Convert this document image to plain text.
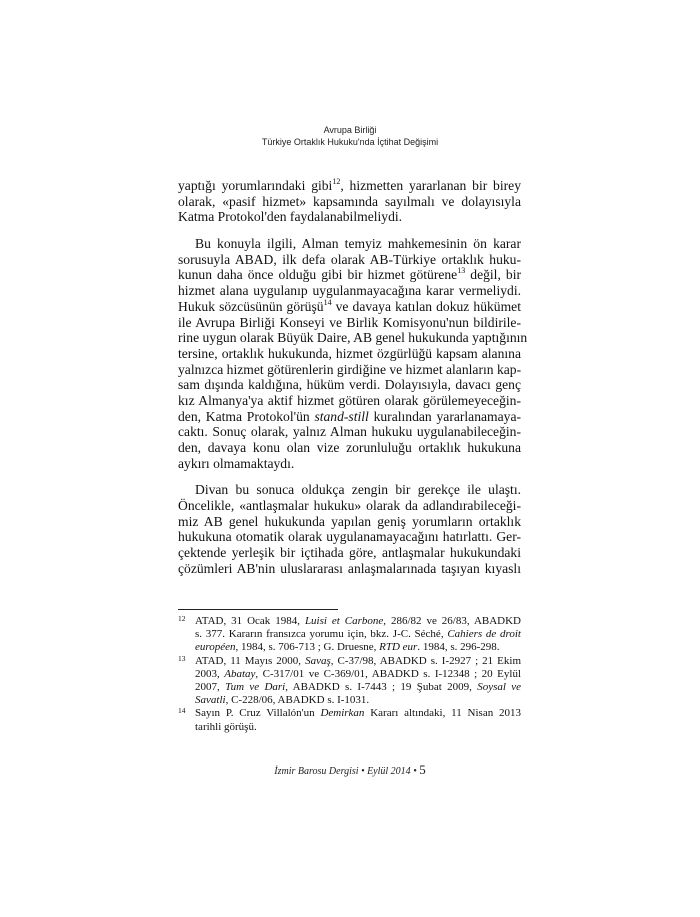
Avrupa Birliği
Türkiye Ortaklık Hukuku'nda İçtihat Değişimi
yaptığı yorumlarındaki gibi$^{12}$, hizmetten yararlanan bir birey
olarak, «pasif hizmet» kapsamında sayılmalı ve dolayısıyla
Katma Protokol'den faydalanabilmeliydi.
Bu konuyla ilgili, Alman temyiz mahkemesinin ön karar
sorusuyla ABAD, ilk defa olarak AB-Türkiye ortaklık huku-
kunun daha önce olduğu gibi bir hizmet götürene$^{13}$ değil, bir
hizmet alana uygulanıp uygulanmayacağına karar vermeliydi.
Hukuk sözcüsünün görüşü$^{14}$ ve davaya katılan dokuz hükümet
ile Avrupa Birliği Konseyi ve Birlik Komisyonu'nun bildirile-
rine uygun olarak Büyük Daire, AB genel hukukunda yaptığının
tersine, ortaklık hukukunda, hizmet özgürlüğü kapsam alanına
yalnızca hizmet götürenlerin girdiğine ve hizmet alanların kap-
sam dışında kaldığına, hüküm verdi. Dolayısıyla, davacı genç
kız Almanya'ya aktif hizmet götüren olarak görülemeyeceğin-
den, Katma Protokol'ün stand-still kuralından yararlanamaya-
caktı. Sonuç olarak, yalnız Alman hukuku uygulanabileceğin-
den, davaya konu olan vize zorunluluğu ortaklık hukukuna
aykırı olmamaktaydı.
Divan bu sonuca oldukça zengin bir gerekçe ile ulaştı.
Öncelikle, «antlaşmalar hukuku» olarak da adlandırabileceği-
miz AB genel hukukunda yapılan geniş yorumların ortaklık
hukukuna otomatik olarak uygulanamayacağını hatırlattı. Ger-
çektende yerleşik bir içtihada göre, antlaşmalar hukukundaki
çözümleri AB'nin uluslararası anlaşmalarınada taşıyan kıyaslı
12 ATAD, 31 Ocak 1984, Luisi et Carbone, 286/82 ve 26/83, ABADKD
s. 377. Kararın fransızca yorumu için, bkz. J-C. Séché, Cahiers de droit
européen, 1984, s. 706-713 ; G. Druesne, RTD eur. 1984, s. 296-298.
13 ATAD, 11 Mayıs 2000, Savaş, C-37/98, ABADKD s. I-2927 ; 21 Ekim
2003, Abatay, C-317/01 ve C-369/01, ABADKD s. I-12348 ; 20 Eylül
2007, Tum ve Dari, ABADKD s. I-7443 ; 19 Şubat 2009, Soysal ve
Savatli, C-228/06, ABADKD s. I-1031.
14 Sayın P. Cruz Villalón'un Demirkan Kararı altındaki, 11 Nisan 2013
tarihli görüşü.
İzmir Barosu Dergisi • Eylül 2014 • 5
